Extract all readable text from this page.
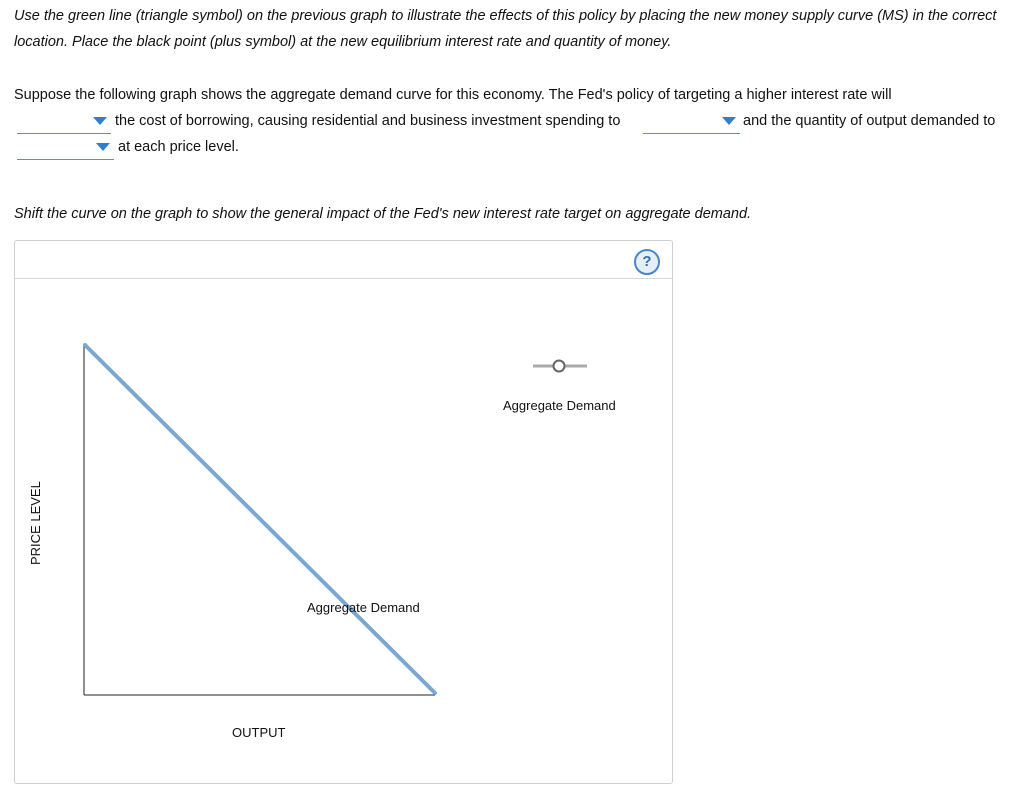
Use the green line (triangle symbol) on the previous graph to illustrate the effects of this policy by placing the new money supply curve (MS) in the correct location. Place the black point (plus symbol) at the new equilibrium interest rate and quantity of money.
Suppose the following graph shows the aggregate demand curve for this economy. The Fed's policy of targeting a higher interest rate will
the cost of borrowing, causing residential and business investment spending to	and the quantity of output demanded to
at each price level.
Shift the curve on the graph to show the general impact of the Fed's new interest rate target on aggregate demand.
?
Aggregate Demand
OUTPUT
PRICE LEVEL
Aggregate Demand
